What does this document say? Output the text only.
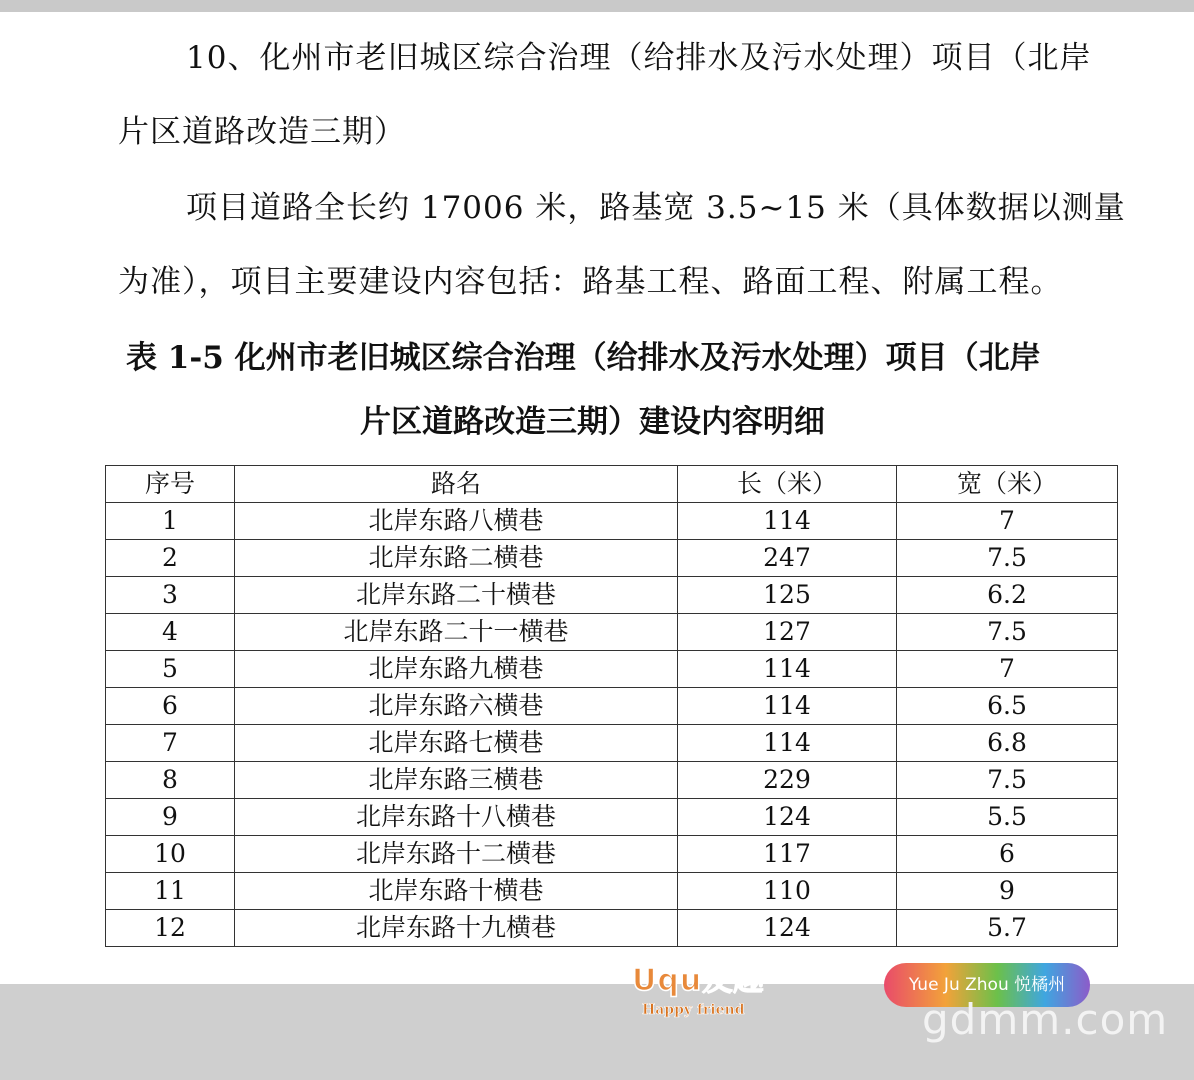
10、化州市老旧城区综合治理（给排水及污水处理）项目（北岸
片区道路改造三期）
项目道路全长约 17006 米，路基宽 3.5~15 米（具体数据以测量
为准），项目主要建设内容包括：路基工程、路面工程、附属工程。
表 1-5 化州市老旧城区综合治理（给排水及污水处理）项目（北岸
片区道路改造三期）建设内容明细
序号	路名	长（米）	宽（米）
1	北岸东路八横巷	114	7
2	北岸东路二横巷	247	7.5
3	北岸东路二十横巷	125	6.2
4	北岸东路二十一横巷	127	7.5
5	北岸东路九横巷	114	7
6	北岸东路六横巷	114	6.5
7	北岸东路七横巷	114	6.8
8	北岸东路三横巷	229	7.5
9	北岸东路十八横巷	124	5.5
10	北岸东路十二横巷	117	6
11	北岸东路十横巷	110	9
12	北岸东路十九横巷	124	5.7
Uqu友趣
Happy friend
Yue Ju Zhou 悦橘州
gdmm.com
